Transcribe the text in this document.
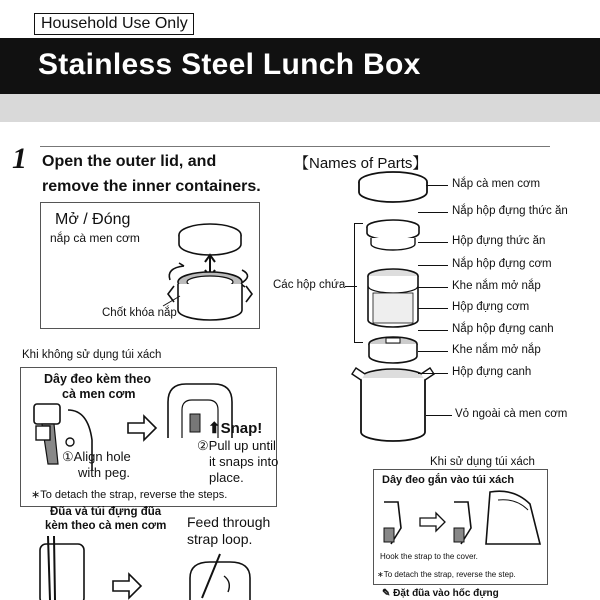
Household Use Only
Stainless Steel Lunch Box
1 Open the outer lid, and
remove the inner containers.
Mở / Đóng
nắp cà men cơm
Chốt khóa nắp
【Names of Parts】
Các hộp chứa
Nắp cà men cơm
Nắp hộp đựng thức ăn
Hộp đựng thức ăn
Nắp hộp đựng cơm
Khe nắm mở nắp
Hộp đựng cơm
Nắp hộp đựng canh
Khe nắm mở nắp
Hộp đựng canh
Vỏ ngoài cà men cơm
Khi không sử dụng túi xách
Dây đeo kèm theo
cà men cơm
①Align hole
with peg.
⬆Snap!
②Pull up until
it snaps into
place.
∗To detach the strap, reverse the steps.
Đũa và túi đựng đũa
kèm theo cà men cơm Feed through
strap loop.
Khi sử dụng túi xách
Dây đeo gắn vào túi xách
Hook the strap to the cover.
∗To detach the strap, reverse the step.
✎ Đặt đũa vào hốc đựng
